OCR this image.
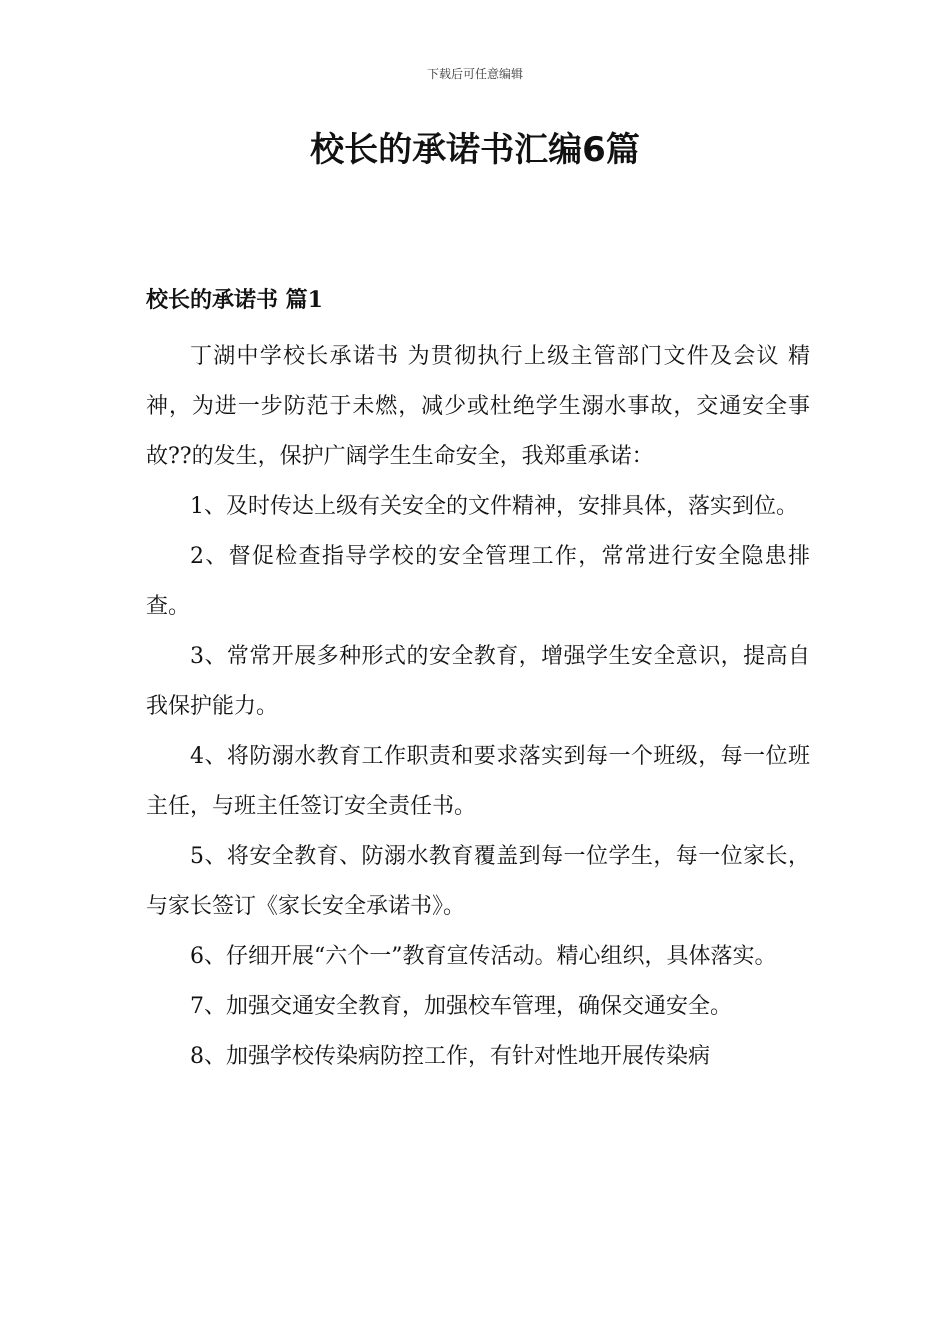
下载后可任意编辑
校长的承诺书汇编6篇
校长的承诺书 篇1

丁湖中学校长承诺书 为贯彻执行上级主管部门文件及会议 精神，为进一步防范于未燃，减少或杜绝学生溺水事故，交通安全事故??的发生，保护广阔学生生命安全，我郑重承诺：

1、及时传达上级有关安全的文件精神，安排具体，落实到位。

2、督促检查指导学校的安全管理工作，常常进行安全隐患排查。

3、常常开展多种形式的安全教育，增强学生安全意识，提高自我保护能力。

4、将防溺水教育工作职责和要求落实到每一个班级，每一位班主任，与班主任签订安全责任书。

5、将安全教育、防溺水教育覆盖到每一位学生，每一位家长，与家长签订《家长安全承诺书》。

6、仔细开展“六个一”教育宣传活动。精心组织，具体落实。

7、加强交通安全教育，加强校车管理，确保交通安全。

8、加强学校传染病防控工作，有针对性地开展传染病
